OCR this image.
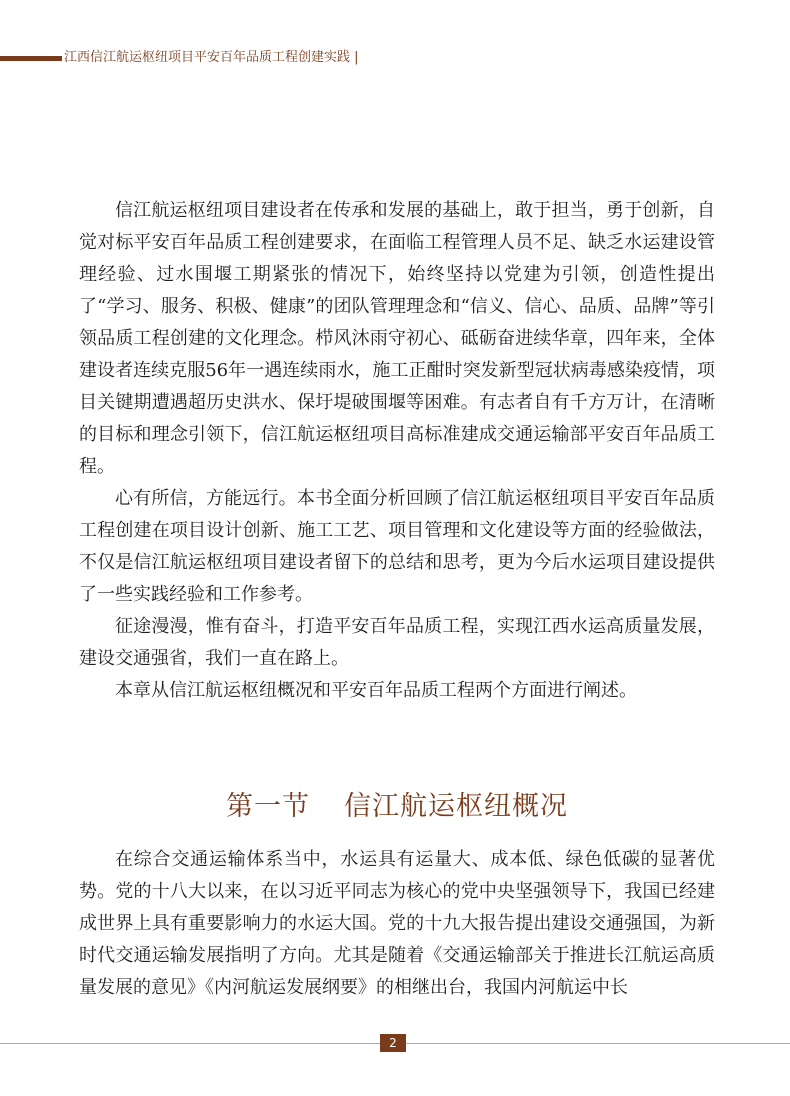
江西信江航运枢纽项目平安百年品质工程创建实践 |

信江航运枢纽项目建设者在传承和发展的基础上，敢于担当，勇于创新，自觉对标平安百年品质工程创建要求，在面临工程管理人员不足、缺乏水运建设管理经验、过水围堰工期紧张的情况下，始终坚持以党建为引领，创造性提出了“学习、服务、积极、健康”的团队管理理念和“信义、信心、品质、品牌”等引领品质工程创建的文化理念。栉风沐雨守初心、砥砺奋进续华章，四年来，全体建设者连续克服56年一遇连续雨水，施工正酣时突发新型冠状病毒感染疫情，项目关键期遭遇超历史洪水、保圩堤破围堰等困难。有志者自有千方万计，在清晰的目标和理念引领下，信江航运枢纽项目高标准建成交通运输部平安百年品质工程。

心有所信，方能远行。本书全面分析回顾了信江航运枢纽项目平安百年品质工程创建在项目设计创新、施工工艺、项目管理和文化建设等方面的经验做法，不仅是信江航运枢纽项目建设者留下的总结和思考，更为今后水运项目建设提供了一些实践经验和工作参考。

征途漫漫，惟有奋斗，打造平安百年品质工程，实现江西水运高质量发展，建设交通强省，我们一直在路上。

本章从信江航运枢纽概况和平安百年品质工程两个方面进行阐述。

第一节 信江航运枢纽概况

在综合交通运输体系当中，水运具有运量大、成本低、绿色低碳的显著优势。党的十八大以来，在以习近平同志为核心的党中央坚强领导下，我国已经建成世界上具有重要影响力的水运大国。党的十九大报告提出建设交通强国，为新时代交通运输发展指明了方向。尤其是随着《交通运输部关于推进长江航运高质量发展的意见》《内河航运发展纲要》的相继出台，我国内河航运中长

2
